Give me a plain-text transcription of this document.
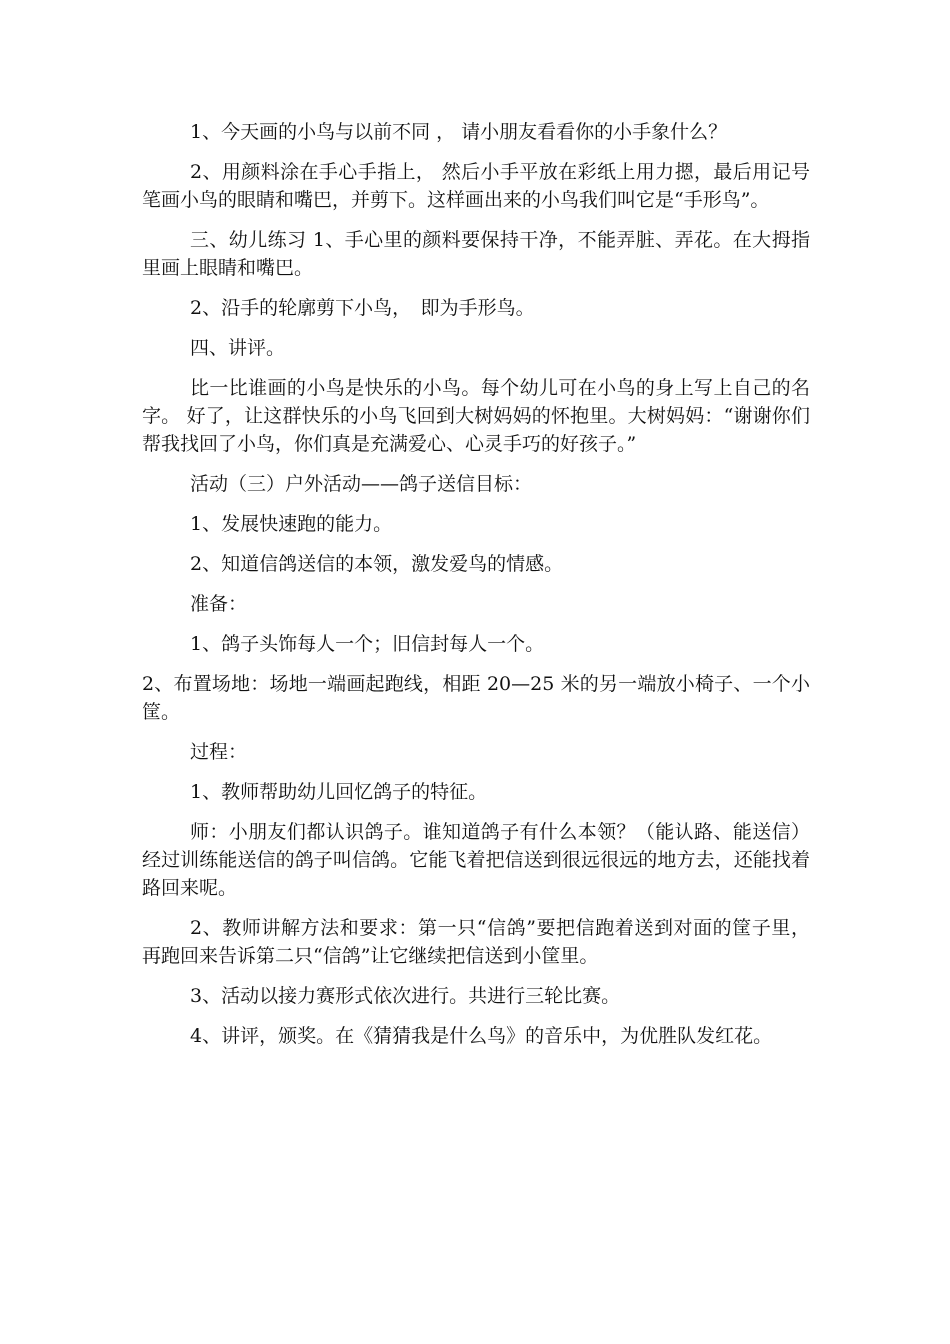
1、今天画的小鸟与以前不同 ， 请小朋友看看你的小手象什么？

2、用颜料涂在手心手指上， 然后小手平放在彩纸上用力摁，最后用记号笔画小鸟的眼睛和嘴巴，并剪下。这样画出来的小鸟我们叫它是“手形鸟”。

三、幼儿练习 1、手心里的颜料要保持干净，不能弄脏、弄花。在大拇指里画上眼睛和嘴巴。

2、沿手的轮廓剪下小鸟，　即为手形鸟。

四、讲评。

比一比谁画的小鸟是快乐的小鸟。每个幼儿可在小鸟的身上写上自己的名字。 好了，让这群快乐的小鸟飞回到大树妈妈的怀抱里。大树妈妈：“谢谢你们帮我找回了小鸟，你们真是充满爱心、心灵手巧的好孩子。”

活动（三）户外活动——鸽子送信目标：

1、发展快速跑的能力。

2、知道信鸽送信的本领，激发爱鸟的情感。

准备：

1、鸽子头饰每人一个；旧信封每人一个。

2、布置场地：场地一端画起跑线，相距 20—25 米的另一端放小椅子、一个小筐。

过程：

1、教师帮助幼儿回忆鸽子的特征。

师：小朋友们都认识鸽子。谁知道鸽子有什么本领？（能认路、能送信）经过训练能送信的鸽子叫信鸽。它能飞着把信送到很远很远的地方去，还能找着路回来呢。

2、教师讲解方法和要求：第一只“信鸽”要把信跑着送到对面的筐子里，再跑回来告诉第二只“信鸽”让它继续把信送到小筐里。

3、活动以接力赛形式依次进行。共进行三轮比赛。

4、讲评，颁奖。在《猜猜我是什么鸟》的音乐中，为优胜队发红花。
